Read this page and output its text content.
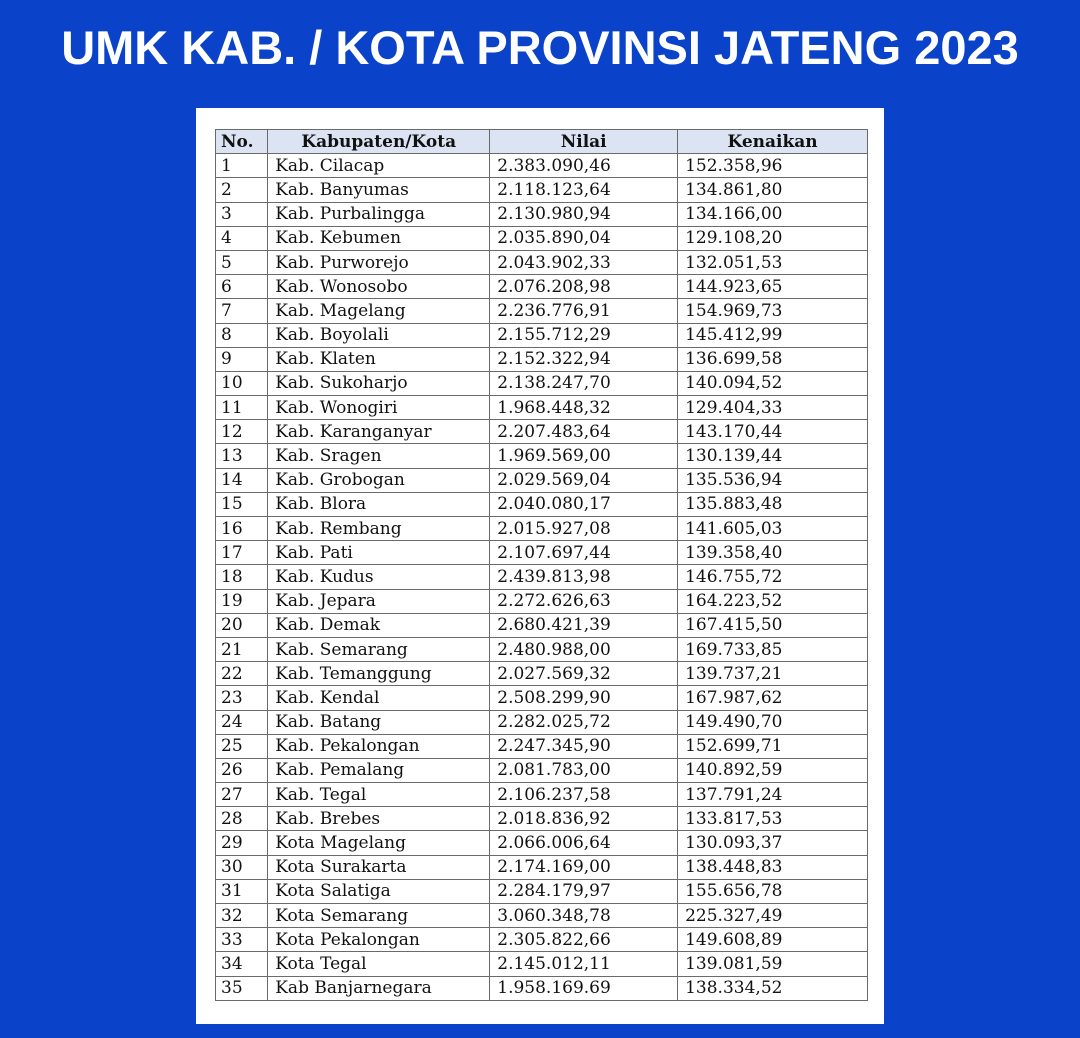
UMK KAB. / KOTA PROVINSI JATENG 2023
No.	Kabupaten/Kota	Nilai	Kenaikan
1	Kab. Cilacap	2.383.090,46	152.358,96
2	Kab. Banyumas	2.118.123,64	134.861,80
3	Kab. Purbalingga	2.130.980,94	134.166,00
4	Kab. Kebumen	2.035.890,04	129.108,20
5	Kab. Purworejo	2.043.902,33	132.051,53
6	Kab. Wonosobo	2.076.208,98	144.923,65
7	Kab. Magelang	2.236.776,91	154.969,73
8	Kab. Boyolali	2.155.712,29	145.412,99
9	Kab. Klaten	2.152.322,94	136.699,58
10	Kab. Sukoharjo	2.138.247,70	140.094,52
11	Kab. Wonogiri	1.968.448,32	129.404,33
12	Kab. Karanganyar	2.207.483,64	143.170,44
13	Kab. Sragen	1.969.569,00	130.139,44
14	Kab. Grobogan	2.029.569,04	135.536,94
15	Kab. Blora	2.040.080,17	135.883,48
16	Kab. Rembang	2.015.927,08	141.605,03
17	Kab. Pati	2.107.697,44	139.358,40
18	Kab. Kudus	2.439.813,98	146.755,72
19	Kab. Jepara	2.272.626,63	164.223,52
20	Kab. Demak	2.680.421,39	167.415,50
21	Kab. Semarang	2.480.988,00	169.733,85
22	Kab. Temanggung	2.027.569,32	139.737,21
23	Kab. Kendal	2.508.299,90	167.987,62
24	Kab. Batang	2.282.025,72	149.490,70
25	Kab. Pekalongan	2.247.345,90	152.699,71
26	Kab. Pemalang	2.081.783,00	140.892,59
27	Kab. Tegal	2.106.237,58	137.791,24
28	Kab. Brebes	2.018.836,92	133.817,53
29	Kota Magelang	2.066.006,64	130.093,37
30	Kota Surakarta	2.174.169,00	138.448,83
31	Kota Salatiga	2.284.179,97	155.656,78
32	Kota Semarang	3.060.348,78	225.327,49
33	Kota Pekalongan	2.305.822,66	149.608,89
34	Kota Tegal	2.145.012,11	139.081,59
35	Kab Banjarnegara	1.958.169.69	138.334,52
